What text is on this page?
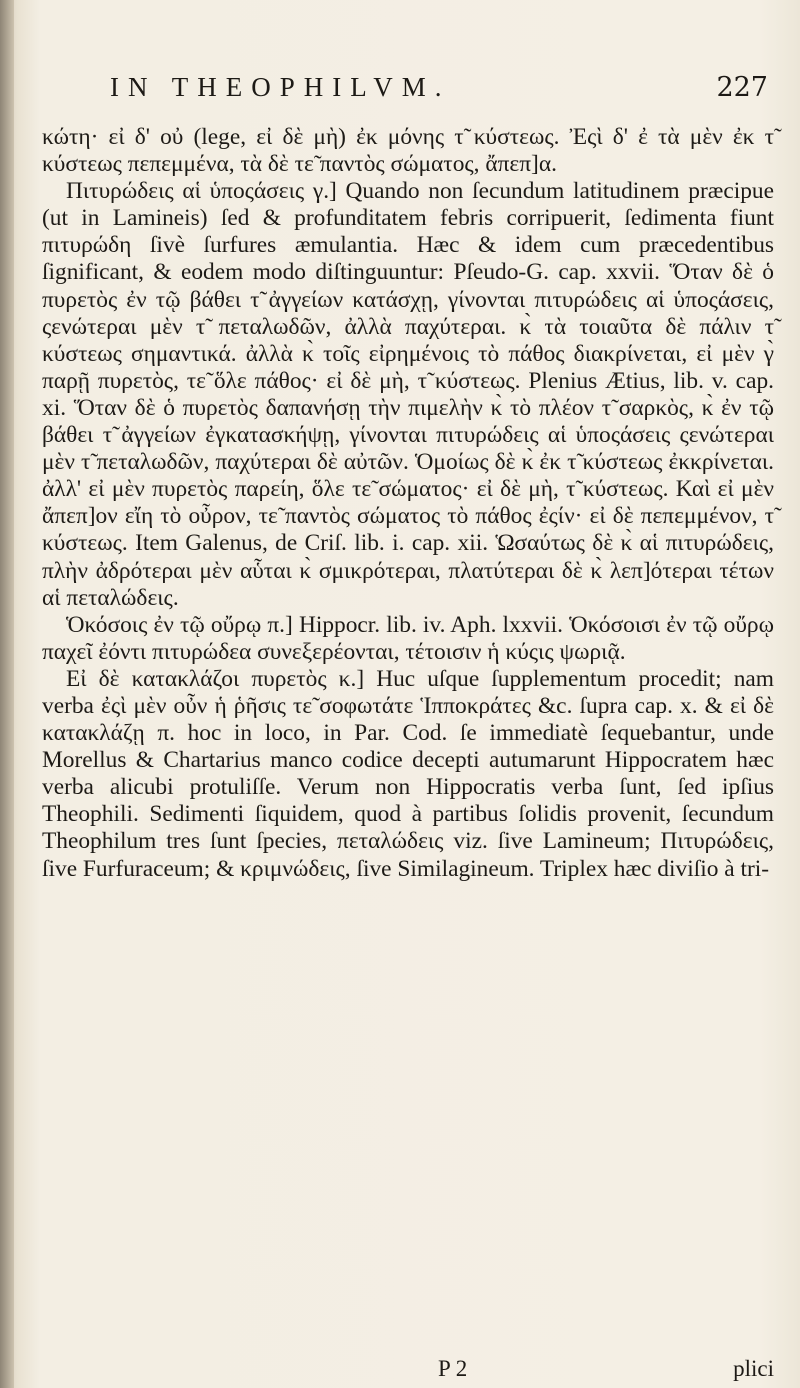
IN THEOPHILVM.	227

κώτη· εἰ δ' οὐ (lege, εἰ δὲ μὴ) ἐκ μόνης τ̃ κύστεως. Ἐςὶ δ' ἐ τὰ μὲν ἐκ τ̃ κύστεως πεπεμμένα, τὰ δὲ τε̃ παντὸς σώματος, ἄπεπ]α.

Πιτυρώδεις αἱ ὑποςάσεις γ.] Quando non ſecundum latitudinem præcipue (ut in Lamineis) ſed & profunditatem febris corripuerit, ſedimenta fiunt πιτυρώδη ſivè ſurfures æmulantia. Hæc & idem cum præcedentibus ſignificant, & eodem modo diſtinguuntur: Pſeudo-G. cap. xxvii. Ὅταν δὲ ὁ πυρετὸς ἐν τῷ βάθει τ̃ ἀγγείων κατάσχῃ, γίνονται πιτυρώδεις αἱ ὑποςάσεις, ςενώτεραι μὲν τ̃ πεταλωδῶν, ἀλλὰ παχύτεραι. κ̀ τὰ τοιαῦτα δὲ πάλιν τ̃ κύστεως σημαντικά. ἀλλὰ κ̀ τοῖς εἰρημένοις τὸ πάθος διακρίνεται, εἰ μὲν γ̀ παρῇ πυρετὸς, τε̃ ὅλε πάθος· εἰ δὲ μὴ, τ̃ κύστεως. Plenius Ætius, lib. v. cap. xi. Ὅταν δὲ ὁ πυρετὸς δαπανήσῃ τὴν πιμελὴν κ̀ τὸ πλέον τ̃ σαρκὸς, κ̀ ἐν τῷ βάθει τ̃ ἀγγείων ἐγκατασκήψῃ, γίνονται πιτυρώδεις αἱ ὑποςάσεις ςενώτεραι μὲν τ̃ πεταλωδῶν, παχύτεραι δὲ αὐτῶν. Ὁμοίως δὲ κ̀ ἐκ τ̃ κύστεως ἐκκρίνεται. ἀλλ' εἰ μὲν πυρετὸς παρείη, ὅλε τε̃ σώματος· εἰ δὲ μὴ, τ̃ κύστεως. Καὶ εἰ μὲν ἄπεπ]ον εἴη τὸ οὖρον, τε̃ παντὸς σώματος τὸ πάθος ἐςίν· εἰ δὲ πεπεμμένον, τ̃ κύστεως. Item Galenus, de Criſ. lib. i. cap. xii. Ὡσαύτως δὲ κ̀ αἱ πιτυρώδεις, πλὴν ἀδρότεραι μὲν αὗται κ̀ σμικρότεραι, πλατύτεραι δὲ κ̀ λεπ]ότεραι τέτων αἱ πεταλώδεις.

Ὁκόσοις ἐν τῷ οὔρῳ π.] Hippocr. lib. iv. Aph. lxxvii. Ὁκόσοισι ἐν τῷ οὔρῳ παχεῖ ἐόντι πιτυρώδεα συνεξερέονται, τέτοισιν ἡ κύςις ψωριᾷ.

Εἰ δὲ κατακλάζοι πυρετὸς κ.] Huc uſque ſupplementum procedit; nam verba ἐςὶ μὲν οὖν ἡ ῥῆσις τε̃ σοφωτάτε Ἱπποκράτες &c. ſupra cap. x. & εἰ δὲ κατακλάζῃ π. hoc in loco, in Par. Cod. ſe immediatè ſequebantur, unde Morellus & Chartarius manco codice decepti autumarunt Hippocratem hæc verba alicubi protuliſſe. Verum non Hippocratis verba ſunt, ſed ipſius Theophili. Sedimenti ſiquidem, quod à partibus ſolidis provenit, ſecundum Theophilum tres ſunt ſpecies, πεταλώδεις viz. ſive Lamineum; Πιτυρώδεις, ſive Furfuraceum; & κριμνώδεις, ſive Similagineum. Triplex hæc diviſio à tri-

P 2	plici
